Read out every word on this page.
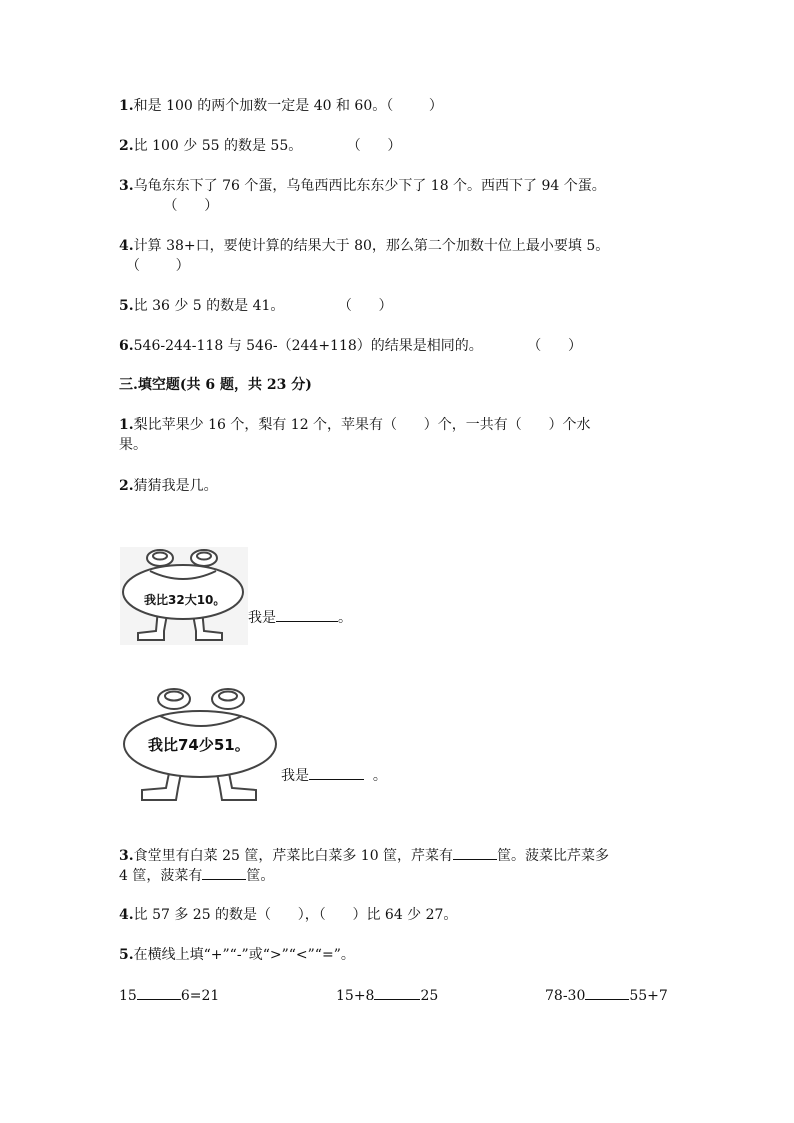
1.和是 100 的两个加数一定是 40 和 60。（        ）
2.比 100 少 55 的数是 55。          （      ）
3.乌龟东东下了 76 个蛋，乌龟西西比东东少下了 18 个。西西下了 94 个蛋。
（      ）
4.计算 38+口，要使计算的结果大于 80，那么第二个加数十位上最小要填 5。
（        ）
5.比 36 少 5 的数是 41。            （      ）
6.546-244-118 与 546-（244+118）的结果是相同的。          （      ）
三.填空题(共 6 题，共 23 分)
1.梨比苹果少 16 个，梨有 12 个，苹果有（      ）个，一共有（      ）个水
果。
2.猜猜我是几。
我比32大10。
我是	。
我比74少51。
我是	。
3.食堂里有白菜 25 筐，芹菜比白菜多 10 筐，芹菜有	筐。菠菜比芹菜多
4 筐，菠菜有	筐。
4.比 57 多 25 的数是（      ），（      ）比 64 少 27。
5.在横线上填“+”“-”或“>”“<”“=”。
15	6=21	15+8	25	78-30	55+7
